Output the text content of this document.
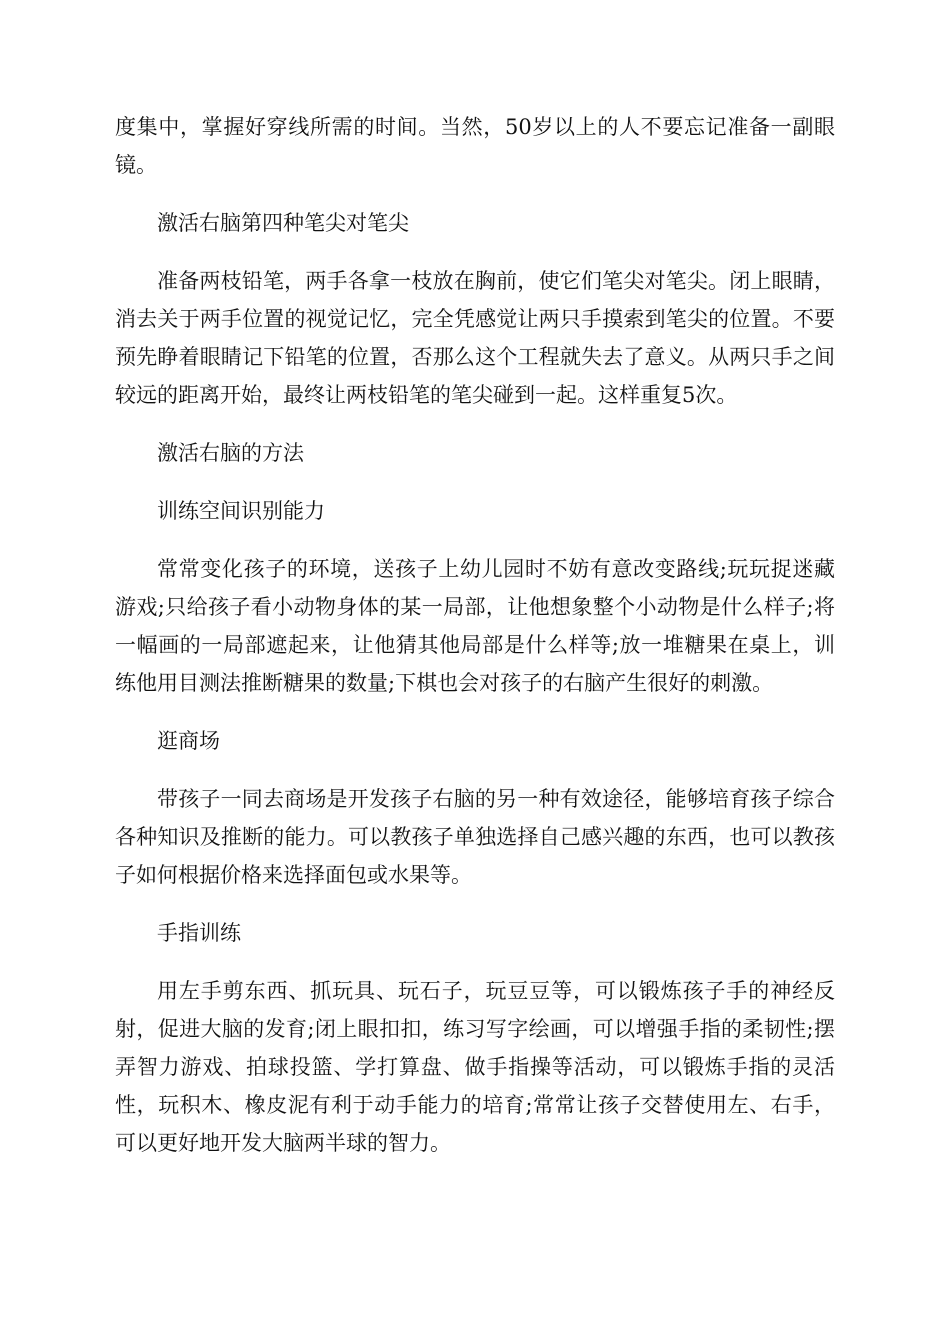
度集中，掌握好穿线所需的时间。当然，50岁以上的人不要忘记准备一副眼镜。

激活右脑第四种笔尖对笔尖

准备两枝铅笔，两手各拿一枝放在胸前，使它们笔尖对笔尖。闭上眼睛，消去关于两手位置的视觉记忆，完全凭感觉让两只手摸索到笔尖的位置。不要预先睁着眼睛记下铅笔的位置，否那么这个工程就失去了意义。从两只手之间较远的距离开始，最终让两枝铅笔的笔尖碰到一起。这样重复5次。

激活右脑的方法

训练空间识别能力

常常变化孩子的环境，送孩子上幼儿园时不妨有意改变路线;玩玩捉迷藏游戏;只给孩子看小动物身体的某一局部，让他想象整个小动物是什么样子;将一幅画的一局部遮起来，让他猜其他局部是什么样等;放一堆糖果在桌上，训练他用目测法推断糖果的数量;下棋也会对孩子的右脑产生很好的刺激。

逛商场

带孩子一同去商场是开发孩子右脑的另一种有效途径，能够培育孩子综合各种知识及推断的能力。可以教孩子单独选择自己感兴趣的东西，也可以教孩子如何根据价格来选择面包或水果等。

手指训练

用左手剪东西、抓玩具、玩石子，玩豆豆等，可以锻炼孩子手的神经反射，促进大脑的发育;闭上眼扣扣，练习写字绘画，可以增强手指的柔韧性;摆弄智力游戏、拍球投篮、学打算盘、做手指操等活动，可以锻炼手指的灵活性，玩积木、橡皮泥有利于动手能力的培育;常常让孩子交替使用左、右手，可以更好地开发大脑两半球的智力。
